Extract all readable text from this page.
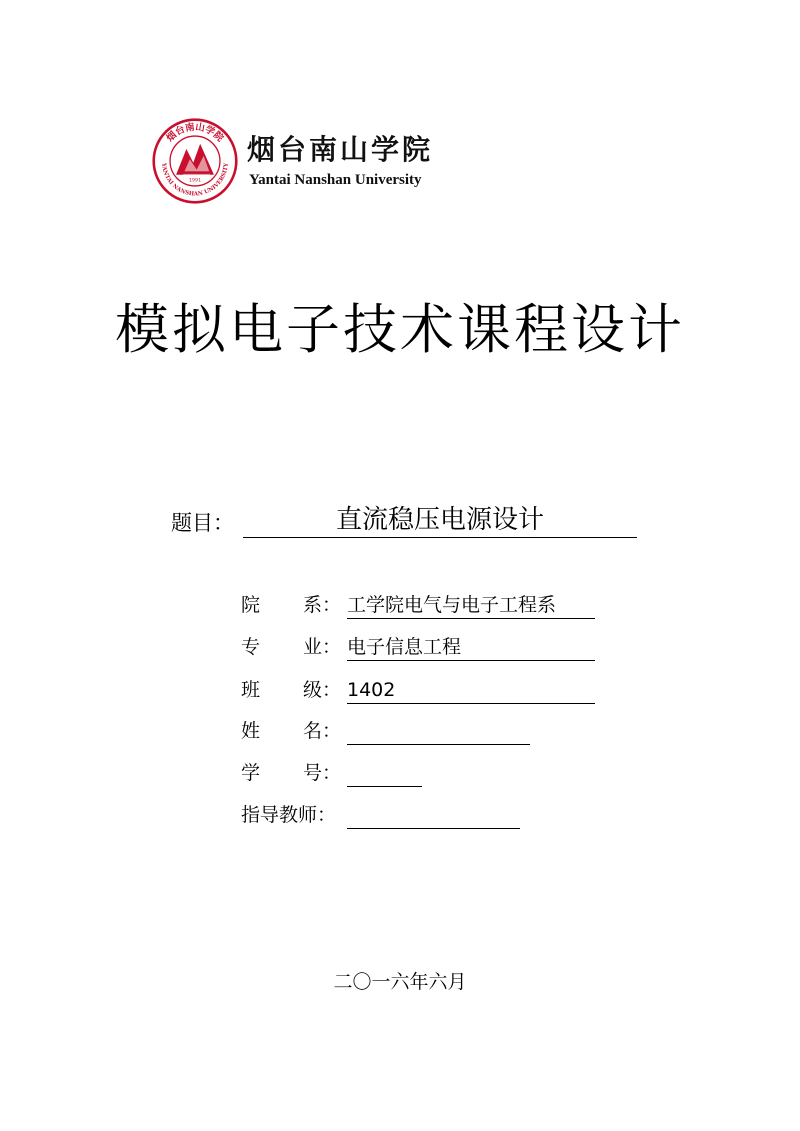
烟台南山学院
YANTAI NANSHAN UNIVERSITY
1991
烟台南山学院
Yantai Nanshan University
模拟电子技术课程设计
题目：	直流稳压电源设计
院 系： 工学院电气与电子工程系
专 业： 电子信息工程
班 级： 1402
姓 名：
学 号：
指导教师：
二〇一六年六月
